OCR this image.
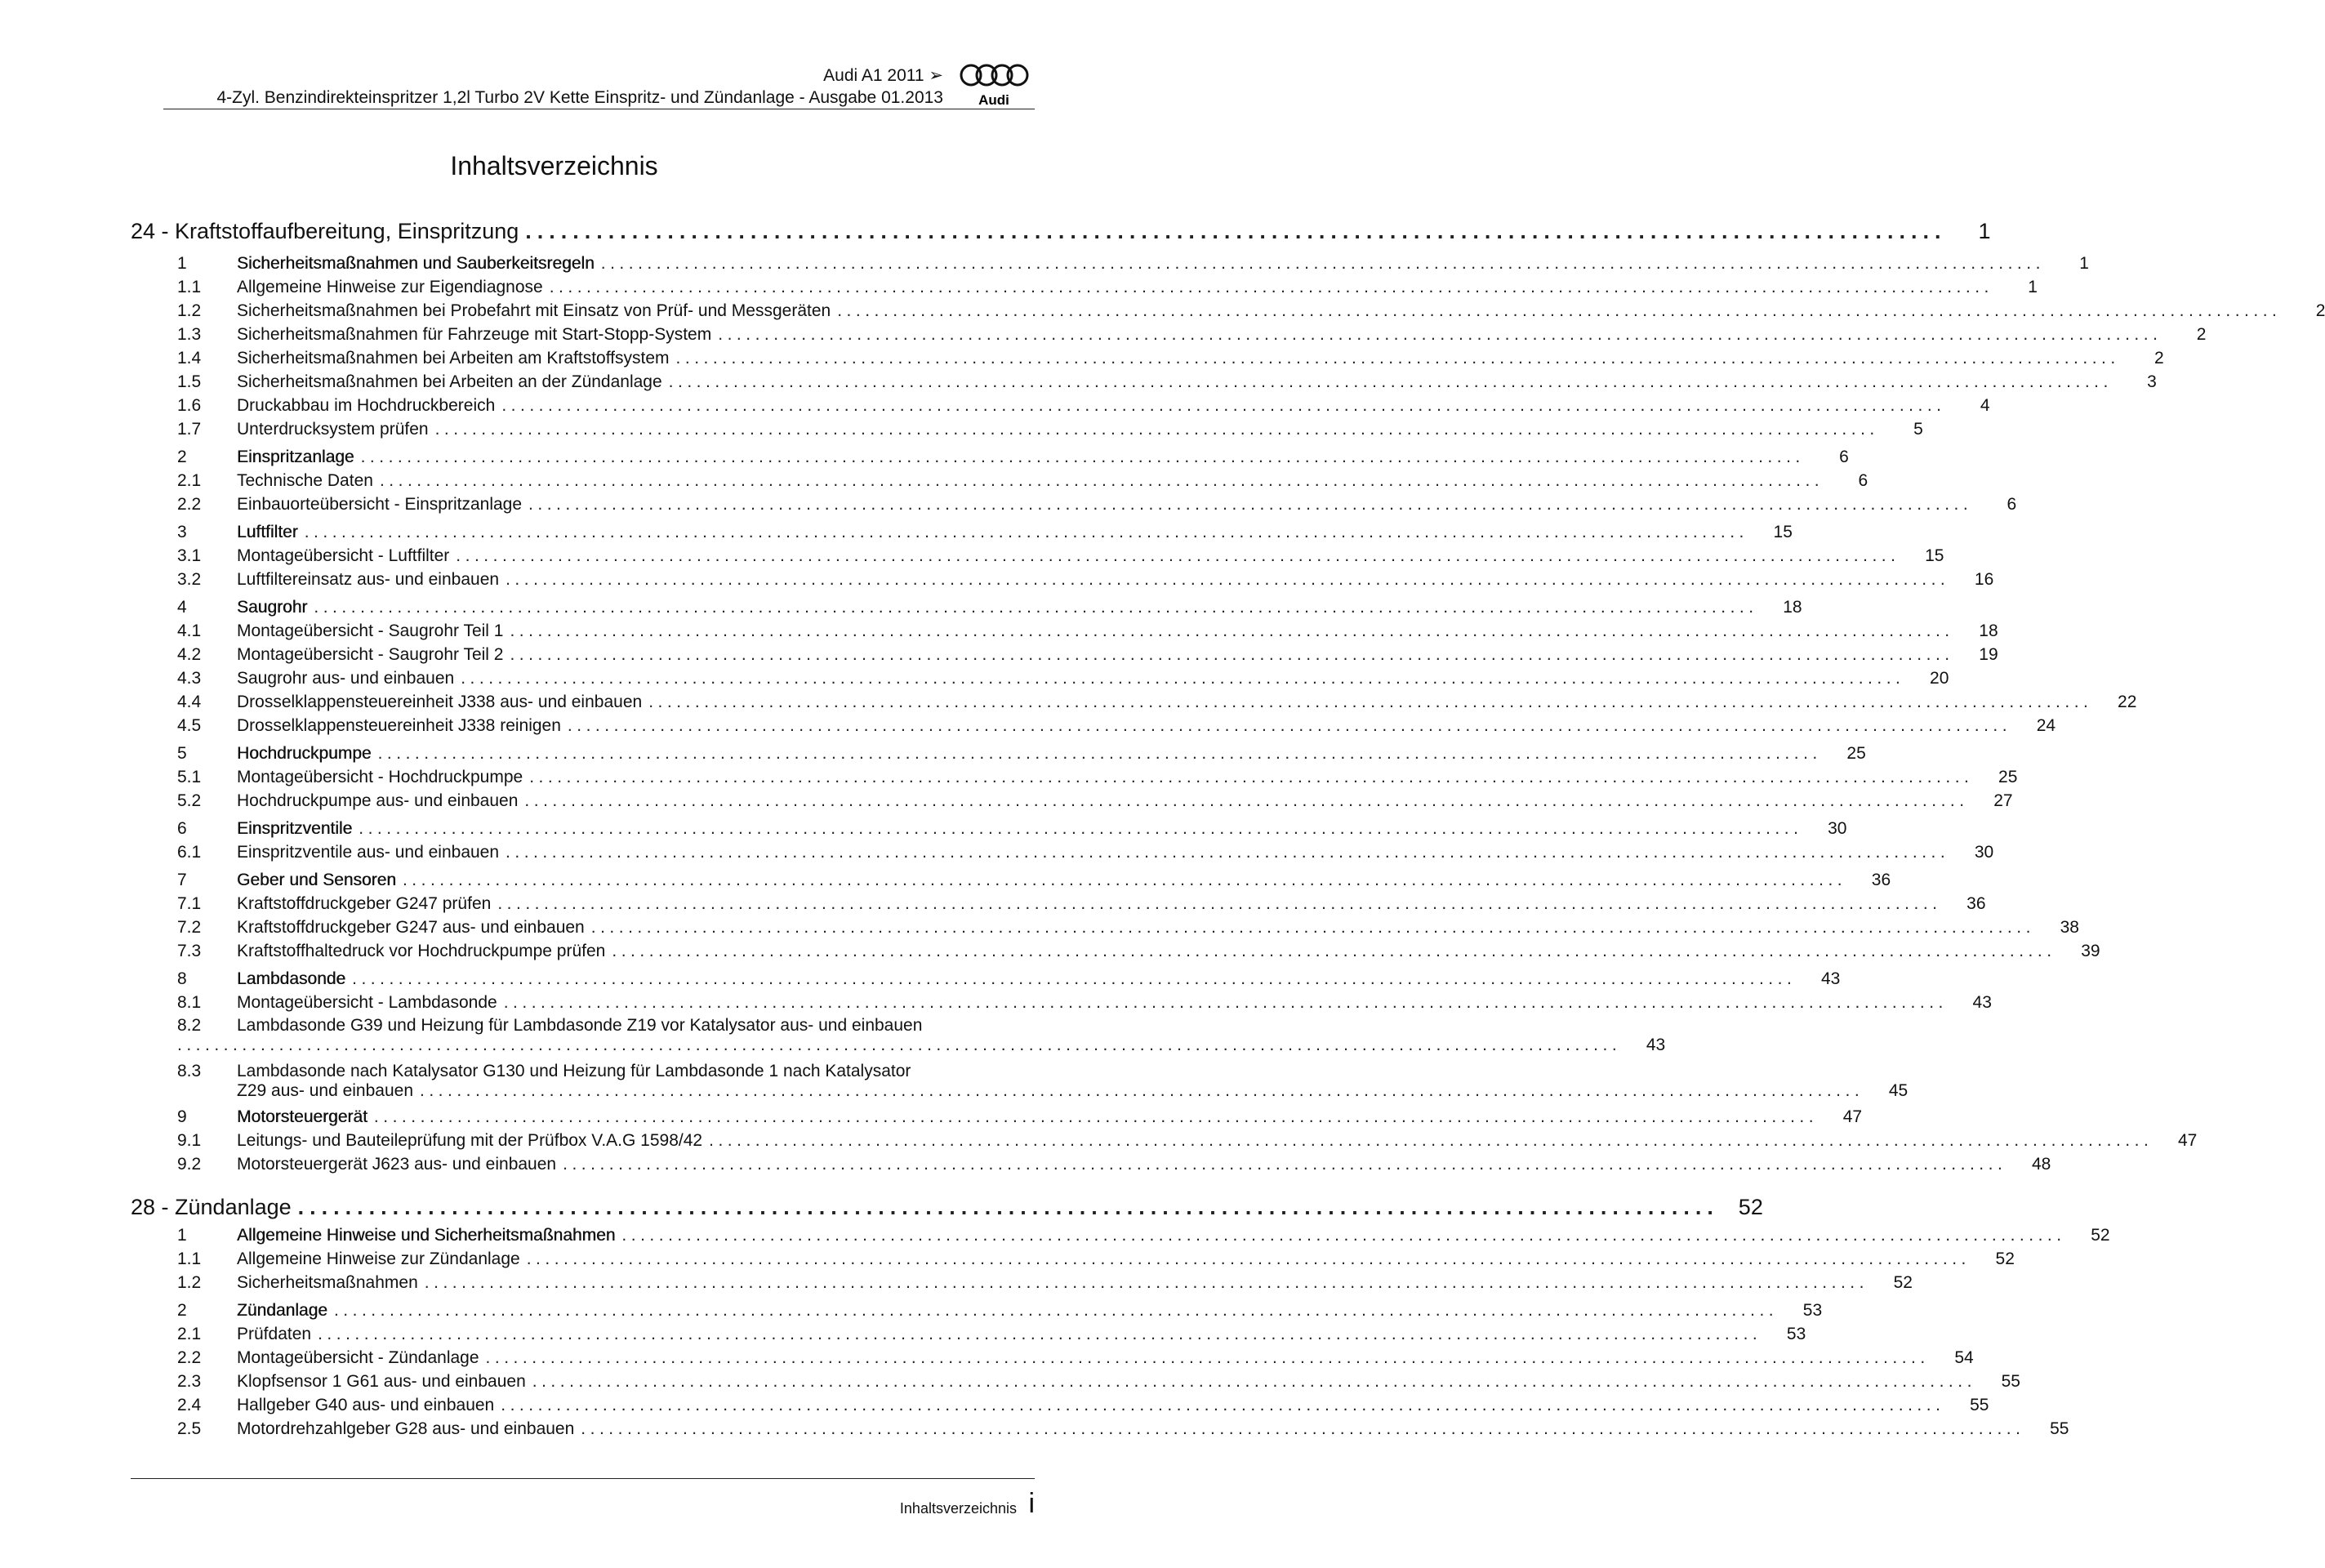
Audi A1 2011 ➢
4-Zyl. Benzindirekteinspritzer 1,2l Turbo 2V Kette Einspritz- und Zündanlage - Ausgabe 01.2013	Audi
Inhaltsverzeichnis
24 - Kraftstoffaufbereitung, Einspritzung ........................................................................................................................	1
1	Sicherheitsmaßnahmen und Sauberkeitsregeln ............................................................................................................................................................	1
1.1	Allgemeine Hinweise zur Eigendiagnose ............................................................................................................................................................	1
1.2	Sicherheitsmaßnahmen bei Probefahrt mit Einsatz von Prüf- und Messgeräten ............................................................................................................................................................	2
1.3	Sicherheitsmaßnahmen für Fahrzeuge mit Start-Stopp-System ............................................................................................................................................................	2
1.4	Sicherheitsmaßnahmen bei Arbeiten am Kraftstoffsystem ............................................................................................................................................................	2
1.5	Sicherheitsmaßnahmen bei Arbeiten an der Zündanlage ............................................................................................................................................................	3
1.6	Druckabbau im Hochdruckbereich ............................................................................................................................................................	4
1.7	Unterdrucksystem prüfen ............................................................................................................................................................	5
2	Einspritzanlage ............................................................................................................................................................	6
2.1	Technische Daten ............................................................................................................................................................	6
2.2	Einbauorteübersicht - Einspritzanlage ............................................................................................................................................................	6
3	Luftfilter ............................................................................................................................................................	15
3.1	Montageübersicht - Luftfilter ............................................................................................................................................................	15
3.2	Luftfiltereinsatz aus- und einbauen ............................................................................................................................................................	16
4	Saugrohr ............................................................................................................................................................	18
4.1	Montageübersicht - Saugrohr Teil 1 ............................................................................................................................................................	18
4.2	Montageübersicht - Saugrohr Teil 2 ............................................................................................................................................................	19
4.3	Saugrohr aus- und einbauen ............................................................................................................................................................	20
4.4	Drosselklappensteuereinheit J338 aus- und einbauen ............................................................................................................................................................	22
4.5	Drosselklappensteuereinheit J338 reinigen ............................................................................................................................................................	24
5	Hochdruckpumpe ............................................................................................................................................................	25
5.1	Montageübersicht - Hochdruckpumpe ............................................................................................................................................................	25
5.2	Hochdruckpumpe aus- und einbauen ............................................................................................................................................................	27
6	Einspritzventile ............................................................................................................................................................	30
6.1	Einspritzventile aus- und einbauen ............................................................................................................................................................	30
7	Geber und Sensoren ............................................................................................................................................................	36
7.1	Kraftstoffdruckgeber G247 prüfen ............................................................................................................................................................	36
7.2	Kraftstoffdruckgeber G247 aus- und einbauen ............................................................................................................................................................	38
7.3	Kraftstoffhaltedruck vor Hochdruckpumpe prüfen ............................................................................................................................................................	39
8	Lambdasonde ............................................................................................................................................................	43
8.1	Montageübersicht - Lambdasonde ............................................................................................................................................................	43
8.2	Lambdasonde G39 und Heizung für Lambdasonde Z19 vor Katalysator aus- und einbauen
............................................................................................................................................................	43
8.3	Lambdasonde nach Katalysator G130 und Heizung für Lambdasonde 1 nach Katalysator
Z29 aus- und einbauen ............................................................................................................................................................	45
9	Motorsteuergerät ............................................................................................................................................................	47
9.1	Leitungs- und Bauteileprüfung mit der Prüfbox V.A.G 1598/42 ............................................................................................................................................................	47
9.2	Motorsteuergerät J623 aus- und einbauen ............................................................................................................................................................	48
28 - Zündanlage ........................................................................................................................ 52
1	Allgemeine Hinweise und Sicherheitsmaßnahmen ............................................................................................................................................................	52
1.1	Allgemeine Hinweise zur Zündanlage ............................................................................................................................................................	52
1.2	Sicherheitsmaßnahmen ............................................................................................................................................................	52
2	Zündanlage ............................................................................................................................................................	53
2.1	Prüfdaten ............................................................................................................................................................	53
2.2	Montageübersicht - Zündanlage ............................................................................................................................................................	54
2.3	Klopfsensor 1 G61 aus- und einbauen ............................................................................................................................................................	55
2.4	Hallgeber G40 aus- und einbauen ............................................................................................................................................................	55
2.5	Motordrehzahlgeber G28 aus- und einbauen ............................................................................................................................................................	55
Inhaltsverzeichnis i
